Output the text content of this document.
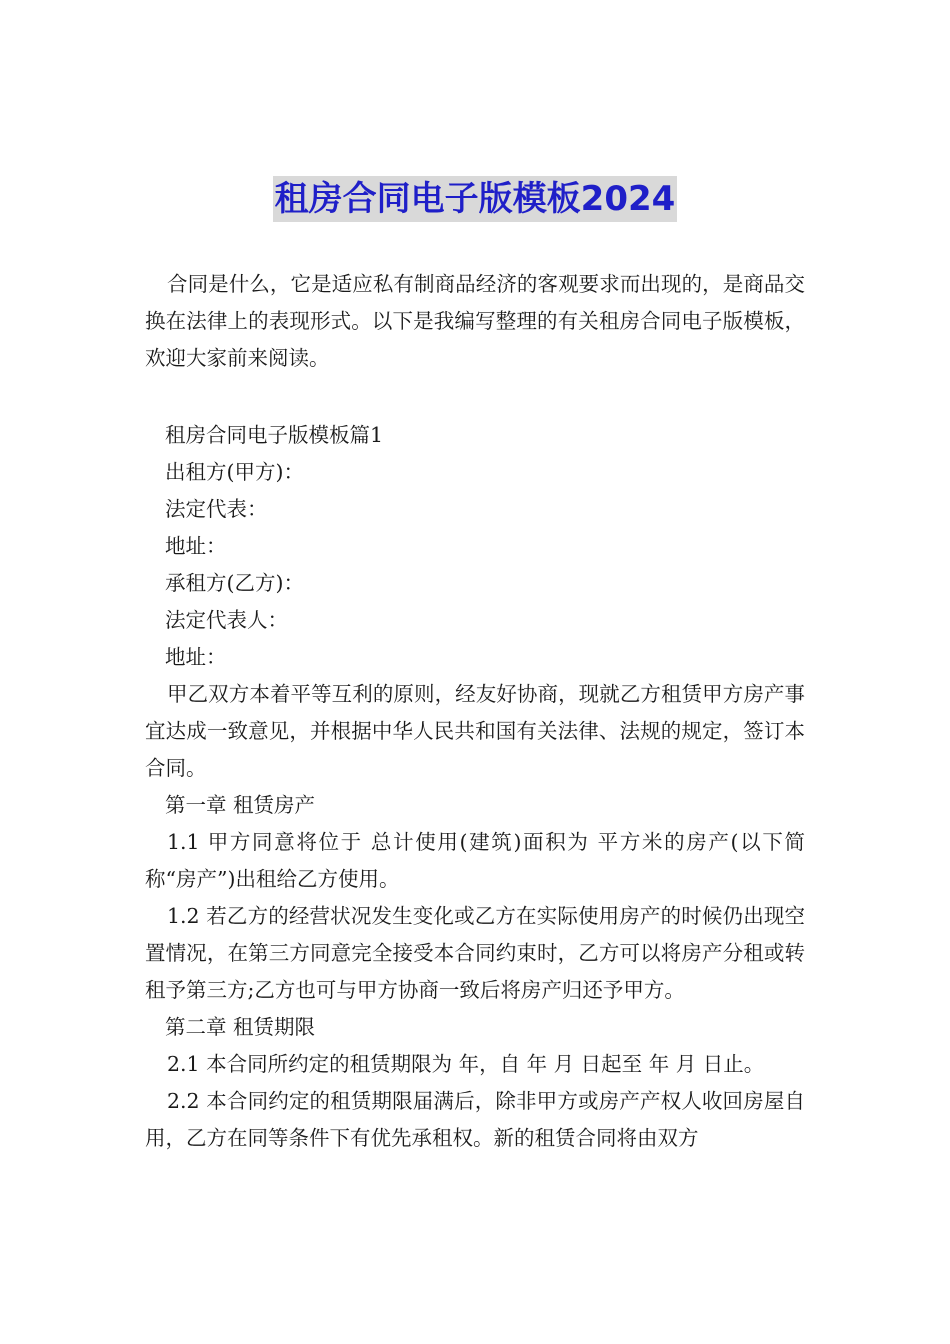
租房合同电子版模板2024

合同是什么，它是适应私有制商品经济的客观要求而出现的，是商品交换在法律上的表现形式。以下是我编写整理的有关租房合同电子版模板，欢迎大家前来阅读。

租房合同电子版模板篇1

出租方(甲方)：

法定代表：

地址：

承租方(乙方)：

法定代表人：

地址：

甲乙双方本着平等互利的原则，经友好协商，现就乙方租赁甲方房产事宜达成一致意见，并根据中华人民共和国有关法律、法规的规定，签订本合同。

第一章 租赁房产

1.1 甲方同意将位于 总计使用(建筑)面积为 平方米的房产(以下简称“房产”)出租给乙方使用。

1.2 若乙方的经营状况发生变化或乙方在实际使用房产的时候仍出现空置情况，在第三方同意完全接受本合同约束时，乙方可以将房产分租或转租予第三方;乙方也可与甲方协商一致后将房产归还予甲方。

第二章 租赁期限

2.1 本合同所约定的租赁期限为 年，自 年 月 日起至 年 月 日止。

2.2 本合同约定的租赁期限届满后，除非甲方或房产产权人收回房屋自用，乙方在同等条件下有优先承租权。新的租赁合同将由双方
